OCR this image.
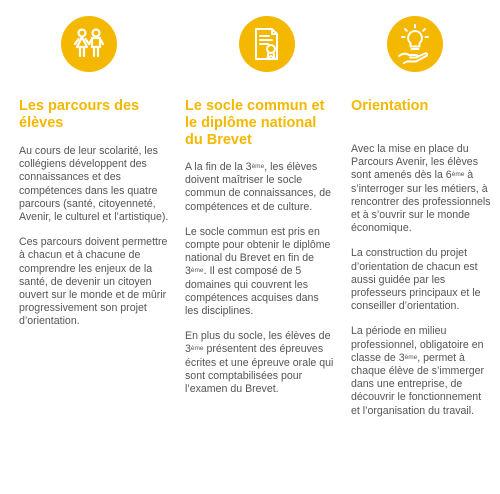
Les parcours des élèves

Au cours de leur scolarité, les collégiens développent des connaissances et des compétences dans les quatre parcours (santé, citoyenneté, Avenir, le culturel et l’artistique).

Ces parcours doivent permettre à chacun et à chacune de comprendre les enjeux de la santé, de devenir un citoyen ouvert sur le monde et de mûrir progressivement son projet d’orientation.

Le socle commun et le diplôme national du Brevet

A la fin de la 3ème, les élèves doivent maîtriser le socle commun de connaissances, de compétences et de culture.

Le socle commun est pris en compte pour obtenir le diplôme national du Brevet en fin de 3ème. Il est composé de 5 domaines qui couvrent les compétences acquises dans les disciplines.

En plus du socle, les élèves de 3ème présentent des épreuves écrites et une épreuve orale qui sont comptabilisées pour l’examen du Brevet.

Orientation

Avec la mise en place du Parcours Avenir, les élèves sont amenés dès la 6ème à s’interroger sur les métiers, à rencontrer des professionnels et à s’ouvrir sur le monde économique.

La construction du projet d’orientation de chacun est aussi guidée par les professeurs principaux et le conseiller d’orientation.

La période en milieu professionnel, obligatoire en classe de 3ème, permet à chaque élève de s’immerger dans une entreprise, de découvrir le fonctionnement et l’organisation du travail.
